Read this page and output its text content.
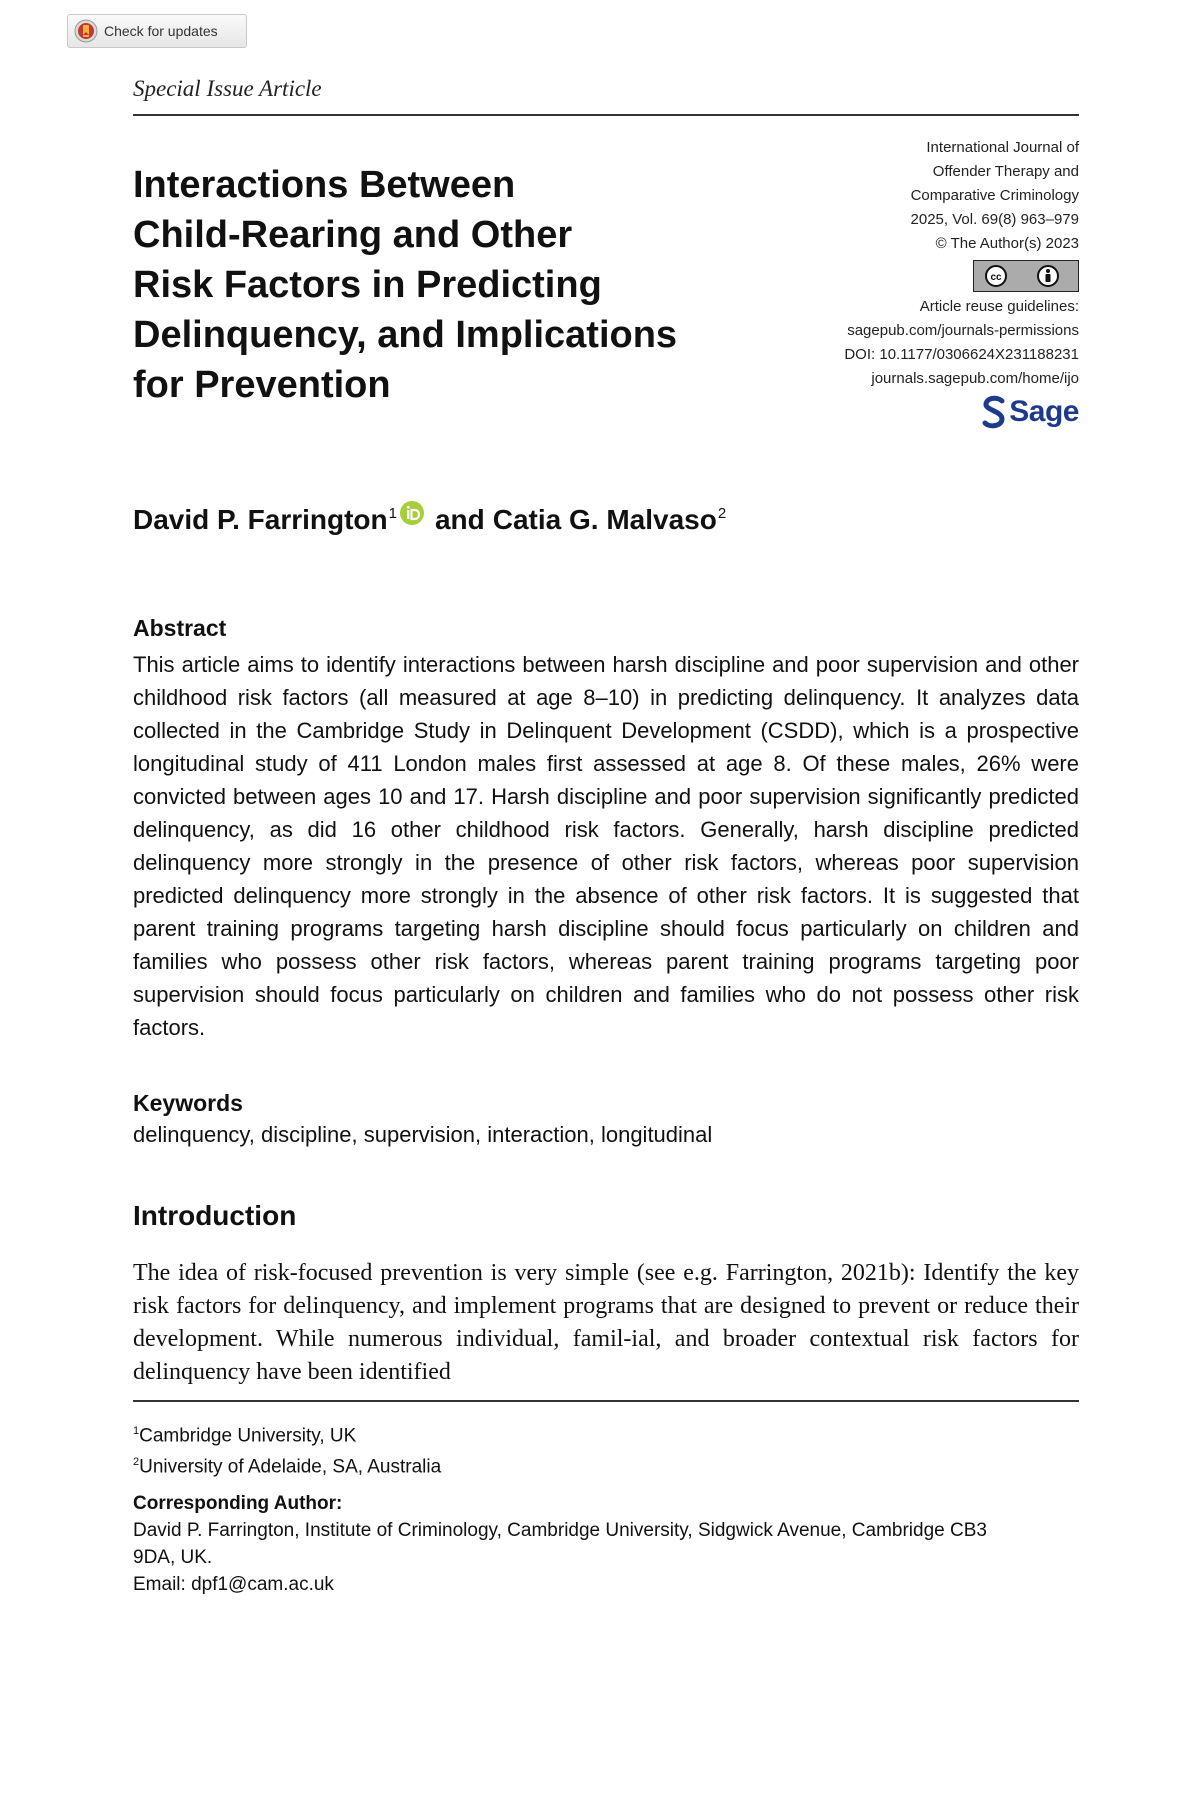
Check for updates
Special Issue Article
Interactions Between
Child-Rearing and Other
Risk Factors in Predicting
Delinquency, and Implications
for Prevention
International Journal of
Offender Therapy and
Comparative Criminology
2025, Vol. 69(8) 963–979
© The Author(s) 2023
cc
Article reuse guidelines:
sagepub.com/journals-permissions
DOI: 10.1177/0306624X231188231
journals.sagepub.com/home/ijo
Sage
David P. Farrington$^1$ and Catia G. Malvaso$^2$
Abstract

This article aims to identify interactions between harsh discipline and poor supervision and other childhood risk factors (all measured at age 8–10) in predicting delinquency. It analyzes data collected in the Cambridge Study in Delinquent Development (CSDD), which is a prospective longitudinal study of 411 London males first assessed at age 8. Of these males, 26% were convicted between ages 10 and 17. Harsh discipline and poor supervision significantly predicted delinquency, as did 16 other childhood risk factors. Generally, harsh discipline predicted delinquency more strongly in the presence of other risk factors, whereas poor supervision predicted delinquency more strongly in the absence of other risk factors. It is suggested that parent training programs targeting harsh discipline should focus particularly on children and families who possess other risk factors, whereas parent training programs targeting poor supervision should focus particularly on children and families who do not possess other risk factors.

Keywords

delinquency, discipline, supervision, interaction, longitudinal

Introduction

The idea of risk-focused prevention is very simple (see e.g. Farrington, 2021b): Identify the key risk factors for delinquency, and implement programs that are designed to prevent or reduce their development. While numerous individual, famil-ial, and broader contextual risk factors for delinquency have been identified

$^1$Cambridge University, UK
$^2$University of Adelaide, SA, Australia
Corresponding Author:
David P. Farrington, Institute of Criminology, Cambridge University, Sidgwick Avenue, Cambridge CB3
9DA, UK.
Email: dpf1@cam.ac.uk
